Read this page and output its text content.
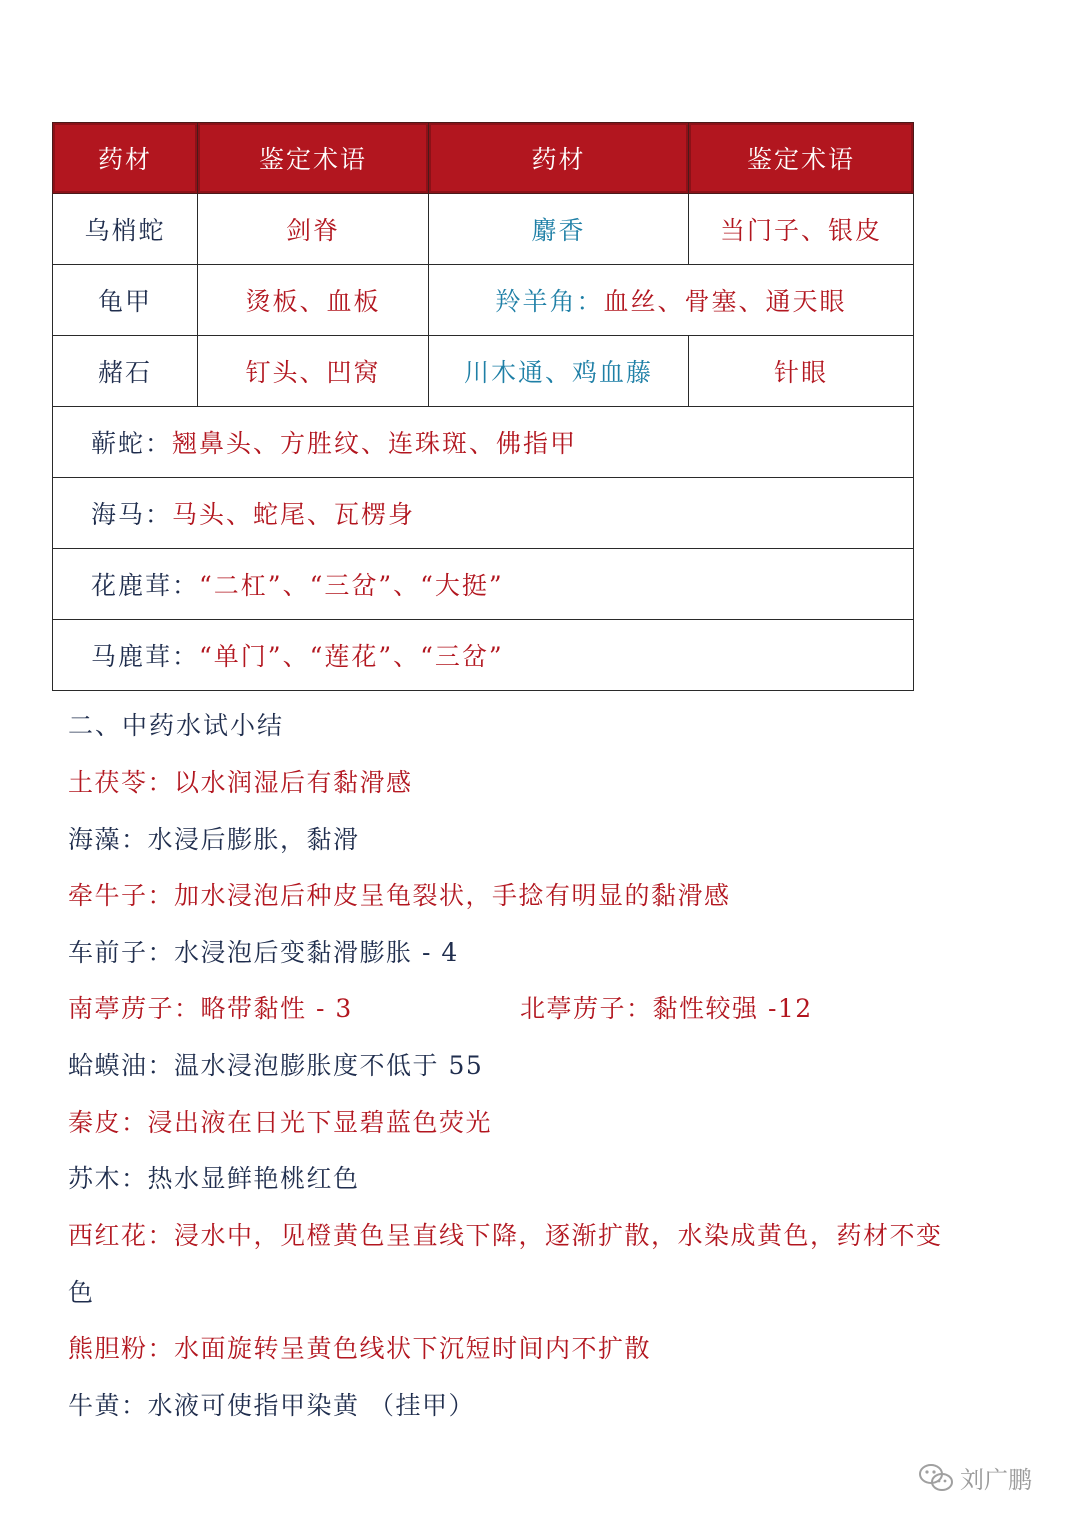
药材	鉴定术语	药材	鉴定术语
乌梢蛇	剑脊	麝香	当门子、银皮
龟甲	烫板、血板	羚羊角：血丝、骨塞、通天眼	
赭石	钉头、凹窝	川木通、鸡血藤	针眼
蕲蛇：翘鼻头、方胜纹、连珠斑、佛指甲			
海马：马头、蛇尾、瓦楞身			
花鹿茸：“二杠”、“三岔”、“大挺”			
马鹿茸：“单门”、“莲花”、“三岔”			
二、中药水试小结
土茯苓：以水润湿后有黏滑感
海藻：水浸后膨胀，黏滑
牵牛子：加水浸泡后种皮呈龟裂状，手捻有明显的黏滑感
车前子：水浸泡后变黏滑膨胀 - 4
南葶苈子：略带黏性 - 3	北葶苈子：黏性较强 -12
蛤蟆油：温水浸泡膨胀度不低于 55
秦皮：浸出液在日光下显碧蓝色荧光
苏木：热水显鲜艳桃红色
西红花：浸水中，见橙黄色呈直线下降，逐渐扩散，水染成黄色，药材不变
色
熊胆粉：水面旋转呈黄色线状下沉短时间内不扩散
牛黄：水液可使指甲染黄 （挂甲）
刘广鹏
